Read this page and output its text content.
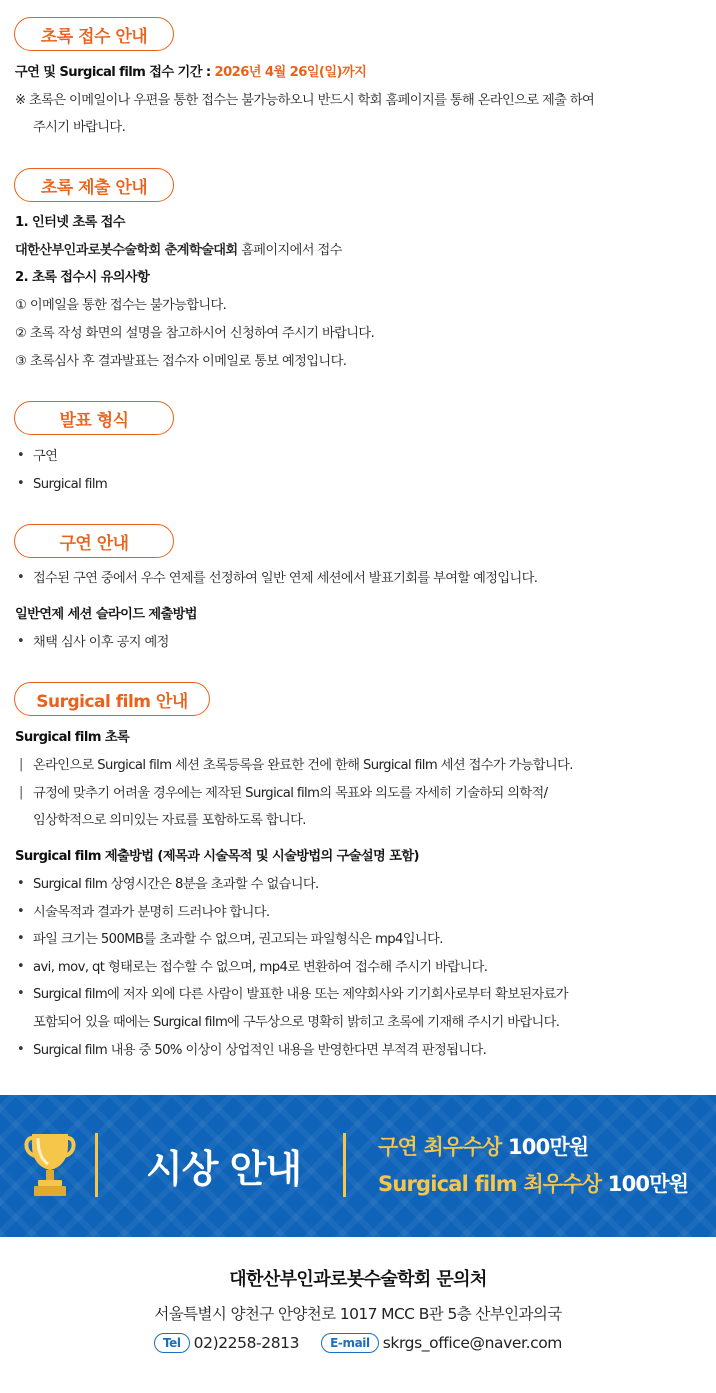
초록 접수 안내
구연 및 Surgical film 접수 기간 : 2026년 4월 26일(일)까지
※ 초록은 이메일이나 우편을 통한 접수는 불가능하오니 반드시 학회 홈페이지를 통해 온라인으로 제출 하여
주시기 바랍니다.
초록 제출 안내
1. 인터넷 초록 접수
대한산부인과로봇수술학회 춘계학술대회 홈페이지에서 접수
2. 초록 접수시 유의사항
① 이메일을 통한 접수는 불가능합니다.
② 초록 작성 화면의 설명을 참고하시어 신청하여 주시기 바랍니다.
③ 초록심사 후 결과발표는 접수자 이메일로 통보 예정입니다.
발표 형식
• 구연
• Surgical film
구연 안내
• 접수된 구연 중에서 우수 연제를 선정하여 일반 연제 세션에서 발표기회를 부여할 예정입니다.
일반연제 세션 슬라이드 제출방법
• 채택 심사 이후 공지 예정
Surgical film 안내
Surgical film 초록
| 온라인으로 Surgical film 세션 초록등록을 완료한 건에 한해 Surgical film 세션 접수가 가능합니다.
| 규정에 맞추기 어려울 경우에는 제작된 Surgical film의 목표와 의도를 자세히 기술하되 의학적/
임상학적으로 의미있는 자료를 포함하도록 합니다.
Surgical film 제출방법 (제목과 시술목적 및 시술방법의 구술설명 포함)
• Surgical film 상영시간은 8분을 초과할 수 없습니다.
• 시술목적과 결과가 분명히 드러나야 합니다.
• 파일 크기는 500MB를 초과할 수 없으며, 권고되는 파일형식은 mp4입니다.
• avi, mov, qt 형태로는 접수할 수 없으며, mp4로 변환하여 접수해 주시기 바랍니다.
• Surgical film에 저자 외에 다른 사람이 발표한 내용 또는 제약회사와 기기회사로부터 확보된자료가
포함되어 있을 때에는 Surgical film에 구두상으로 명확히 밝히고 초록에 기재해 주시기 바랍니다.
• Surgical film 내용 중 50% 이상이 상업적인 내용을 반영한다면 부적격 판정됩니다.
시상 안내	구연 최우수상 100만원
Surgical film 최우수상 100만원
대한산부인과로봇수술학회 문의처
서울특별시 양천구 안양천로 1017 MCC B관 5층 산부인과의국
Tel 02)2258-2813	E-mail skrgs_office@naver.com
